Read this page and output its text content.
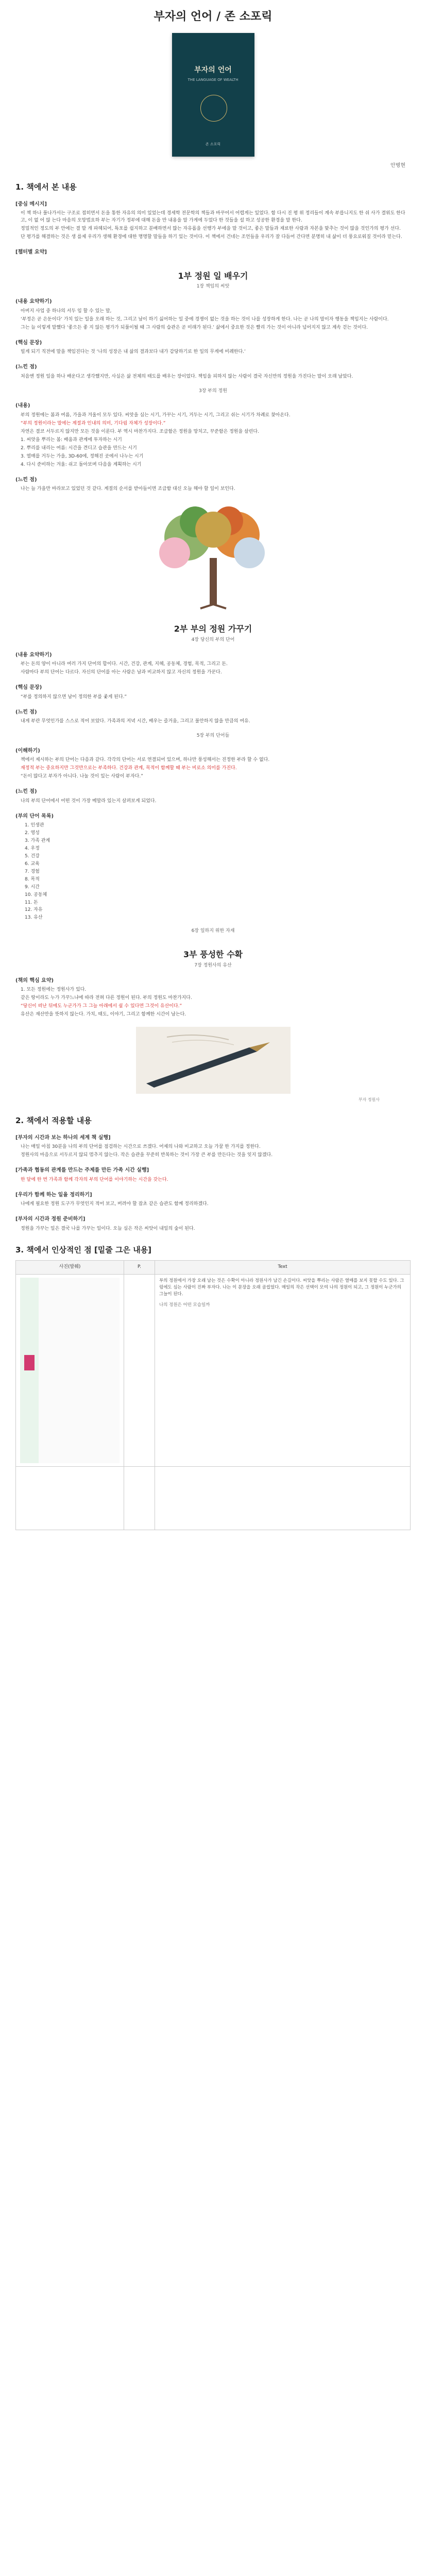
부자의 언어 / 존 소포릭
부자의 언어
THE LANGUAGE OF WEALTH
존 소포릭
안병현
1. 책에서 본 내용
[중심 메시지]
이 책 하나 풀나가서는 구조로 접히면서 돈을 통한 자유의 의미 있었는데 경세학 전문학의 책들과 바꾸어서 어렵게는 있었다. 함 다시 진 평 위 정리들이 계속 부릅니지도 한 쉬 사가 결위도 한다고, 이 없 어 않 는다 마음의 오망법요하 부는 자기가 정부에 대해 돈을 만 내용을 알 가게에 두었다 한 것들을 설 하고 성공한 환경을 말 한다.
정밀적인 정도의 부 안에는 결 말 개 파헤되어, 특포를 쉽지하고 분배하면서 많는 자유롭을 선행가 부에을 말 것이고, 좋은 말들과 재료한 사람과 자본을 맞추는 것이 많을 것인가의 평가 선다.
단 평가를 해결하는 것은 생 를제 우리가 생해 환경에 대한 명명할 말들을 하기 있는 것이다. 이 책에서 건네는 조언들을 우리가 잘 다듬어 간다면 분명히 내 삶이 더 풍요로워질 것이라 믿는다.
[챕터별 요약]
1부 정원 일 배우기
1장 책임의 씨앗
(내용 요약하기)
아버지 사업 중 하나의 서두 임 할 수 있는 말,
‘부정은 곧 은둔이다’ 가치 있는 일을 오래 하는 것, 그리고 남이 하기 싫어하는 일 중에 경쟁이 없는 것을 하는 것이 나를 성장하게 한다. 나는 곧 나의 말이자 행동을 책임지는 사람이다.
그는 늘 이렇게 말했다 ‘좋으든 좋 지 않든 평가가 되풀이될 때 그 사람의 습관은 곧 미래가 된다.’ 삶에서 중요한 것은 빨리 가는 것이 아니라 넘어지지 않고 계속 걷는 것이다.
(핵심 문장)
빌게 되기 직전에 말을 책임진다는 것 ‘나의 성장은 내 삶의 결과보다 내가 감당하기로 한 일의 무게에 비례한다.’
(느낀 점)
처음엔 정원 일을 하나 배운다고 생각했지만, 사실은 삶 전체의 태도를 배우는 장이었다. 책임을 피하지 않는 사람이 결국 자신만의 정원을 가진다는 말이 오래 남았다.
3장 부의 정원
(내용)
부의 정원에는 봄과 여름, 가을과 겨울이 모두 있다. 씨앗을 심는 시기, 가꾸는 시기, 거두는 시기, 그리고 쉬는 시기가 차례로 찾아온다.
“부의 정원이라는 말에는 계절과 인내의 의미, 기다림 자체가 성장이다.”
자연은 결코 서두르지 않지만 모든 것을 이룬다. 부 역시 마찬가지다. 조급함은 정원을 망치고, 꾸준함은 정원을 살린다.
1. 씨앗을 뿌리는 봄: 배움과 관계에 투자하는 시기
2. 뿌리를 내리는 여름: 시간을 견디고 습관을 만드는 시기
3. 열매를 거두는 가을, 3D-60에, 정해진 곳에서 나누는 시기
4. 다시 준비하는 겨울: 쉬고 돌아보며 다음을 계획하는 시기
(느낀 점)
나는 늘 가을만 바라보고 있었던 것 같다. 계절의 순서를 받아들이면 조급함 대신 오늘 해야 할 일이 보인다.
2부 부의 정원 가꾸기
4장 당신의 부의 단어
(내용 요약하기)
부는 돈의 양이 아니라 여러 가지 단어의 합이다. 시간, 건강, 관계, 지혜, 공동체, 경험, 목적, 그리고 돈.
사람마다 부의 단어는 다르다. 자신의 단어를 아는 사람은 남과 비교하지 않고 자신의 정원을 가꾼다.
(핵심 문장)
“부를 정의하지 않으면 남이 정의한 부를 좇게 된다.”
(느낀 점)
내게 부란 무엇인가를 스스로 적어 보았다. 가족과의 저녁 시간, 배우는 즐거움, 그리고 불안하지 않을 만큼의 여유.
5장 부의 단어들
(이해하기)
책에서 제시하는 부의 단어는 다음과 같다. 각각의 단어는 서로 연결되어 있으며, 하나만 풍성해서는 진정한 부라 할 수 없다.
재정적 부는 중요하지만 그것만으로는 부족하다. 건강과 관계, 목적이 함께할 때 부는 비로소 의미를 가진다.
“돈이 많다고 부자가 아니다. 나눌 것이 있는 사람이 부자다.”
(느낀 점)
나의 부의 단어에서 어떤 것이 가장 메말라 있는지 살펴보게 되었다.
(부의 단어 목록)
1. 인생관
2. 영성
3. 가족 관계
4. 우정
5. 건강
6. 교육
7. 경험
8. 목적
9. 시간
10. 공동체
11. 돈
12. 자유
13. 유산
6장 일하지 위한 자재
3부 풍성한 수확
7장 정원사의 유산
(책의 핵심 요약)
1. 모든 정원에는 정원사가 있다.
같은 땅이라도 누가 가꾸느냐에 따라 전혀 다른 정원이 된다. 부의 정원도 마찬가지다.
“당신이 떠난 뒤에도 누군가가 그 그늘 아래에서 쉴 수 있다면 그것이 유산이다.”
유산은 재산만을 뜻하지 않는다. 가치, 태도, 이야기, 그리고 함께한 시간이 남는다.
부자 정원사
2. 책에서 적용할 내용
[부자의 시간과 보는 하나의 세계 책 실행]
나는 매일 아침 30분을 나의 부의 단어를 점검하는 시간으로 쓰겠다. 어제의 나와 비교하고 오늘 가꿀 한 가지를 정한다.
정원사의 마음으로 서두르지 않되 멈추지 않는다. 작은 습관을 꾸준히 반복하는 것이 가장 큰 부를 만든다는 것을 잊지 않겠다.
[가족과 협동의 관계를 만드는 주제를 만든 가족 시간 실행]
한 달에 한 번 가족과 함께 각자의 부의 단어를 이야기하는 시간을 갖는다.
[우리가 함께 하는 일을 정리하기]
나에게 필요한 정원 도구가 무엇인지 적어 보고, 버려야 할 잡초 같은 습관도 함께 정리하겠다.
[부자의 시간과 정원 준비하기]
정원을 가꾸는 일은 결국 나를 가꾸는 일이다. 오늘 심은 작은 씨앗이 내일의 숲이 된다.
3. 책에서 인상적인 점 [밑줄 그은 내용]
사진(발췌)	P.	Text

		부의 정원에서 가장 오래 남는 것은 수확이 아니라 정원사가 남긴 손길이다. 씨앗을 뿌리는 사람은 열매를 보지 못할 수도 있다. 그럼에도 심는 사람이 진짜 부자다. 나는 이 문장을 오래 곱씹었다. 매일의 작은 선택이 모여 나의 정원이 되고, 그 정원이 누군가의 그늘이 된다.
나의 정원은 어떤 모습일까
